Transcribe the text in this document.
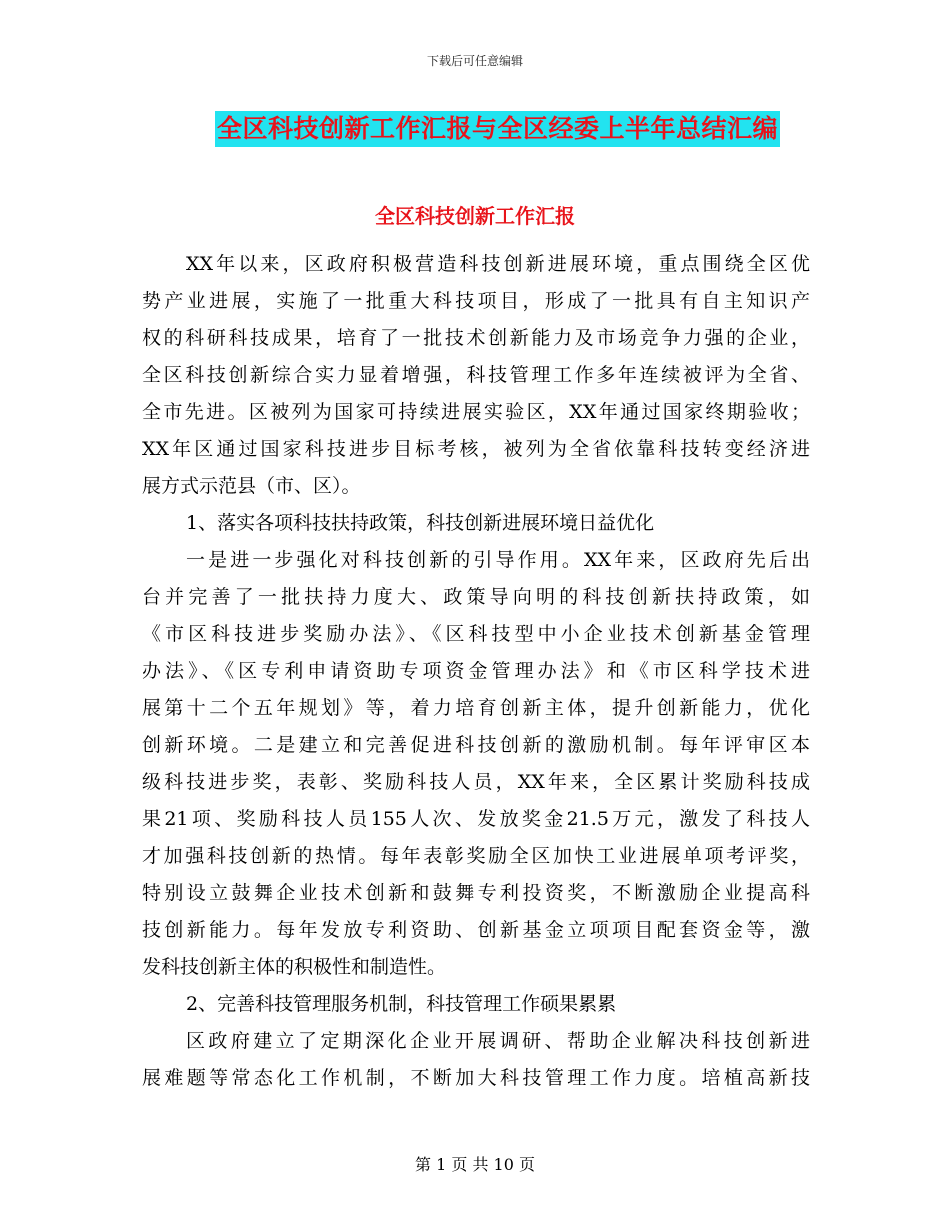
下载后可任意编辑
全区科技创新工作汇报与全区经委上半年总结汇编
全区科技创新工作汇报
XX年以来，区政府积极营造科技创新进展环境，重点围绕全区优
势产业进展，实施了一批重大科技项目，形成了一批具有自主知识产
权的科研科技成果，培育了一批技术创新能力及市场竞争力强的企业，
全区科技创新综合实力显着增强，科技管理工作多年连续被评为全省、
全市先进。区被列为国家可持续进展实验区，XX年通过国家终期验收；
XX年区通过国家科技进步目标考核，被列为全省依靠科技转变经济进
展方式示范县（市、区）。
1、落实各项科技扶持政策，科技创新进展环境日益优化
一是进一步强化对科技创新的引导作用。XX年来，区政府先后出
台并完善了一批扶持力度大、政策导向明的科技创新扶持政策，如
《市区科技进步奖励办法》、《区科技型中小企业技术创新基金管理
办法》、《区专利申请资助专项资金管理办法》和《市区科学技术进
展第十二个五年规划》等，着力培育创新主体，提升创新能力，优化
创新环境。二是建立和完善促进科技创新的激励机制。每年评审区本
级科技进步奖，表彰、奖励科技人员，XX年来，全区累计奖励科技成
果21项、奖励科技人员155人次、发放奖金21.5万元，激发了科技人
才加强科技创新的热情。每年表彰奖励全区加快工业进展单项考评奖，
特别设立鼓舞企业技术创新和鼓舞专利投资奖，不断激励企业提高科
技创新能力。每年发放专利资助、创新基金立项项目配套资金等，激
发科技创新主体的积极性和制造性。
2、完善科技管理服务机制，科技管理工作硕果累累
区政府建立了定期深化企业开展调研、帮助企业解决科技创新进
展难题等常态化工作机制，不断加大科技管理工作力度。培植高新技
第 1 页 共 10 页
